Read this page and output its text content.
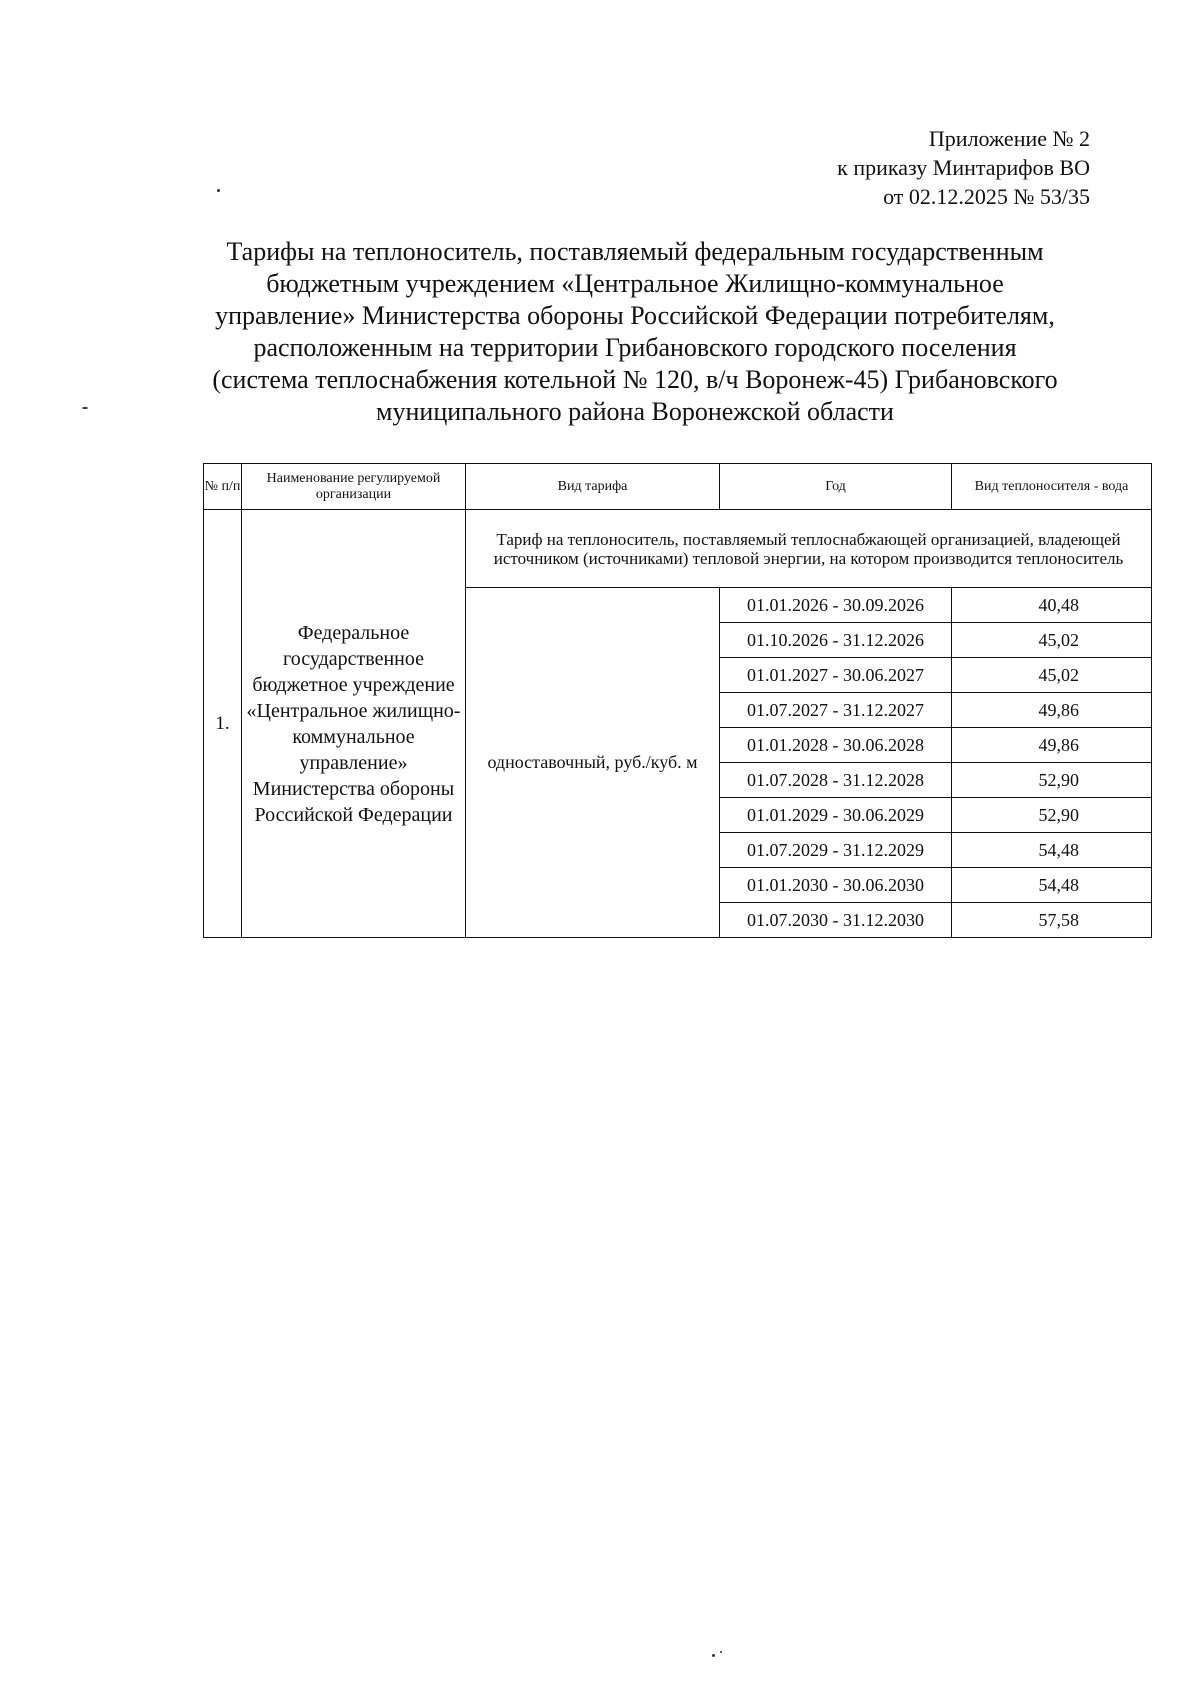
Приложение № 2
к приказу Минтарифов ВО
от 02.12.2025 № 53/35
Тарифы на теплоноситель, поставляемый федеральным государственным
бюджетным учреждением «Центральное Жилищно-коммунальное
управление» Министерства обороны Российской Федерации потребителям,
расположенным на территории Грибановского городского поселения
(система теплоснабжения котельной № 120, в/ч Воронеж-45) Грибановского
муниципального района Воронежской области
№ п/п	Наименование регулируемой организации	Вид тарифа	Год	Вид теплоносителя - вода
1.	Федеральное государственное бюджетное учреждение «Центральное жилищно-коммунальное управление» Министерства обороны Российской Федерации	Тариф на теплоноситель, поставляемый теплоснабжающей организацией, владеющей источником (источниками) тепловой энергии, на котором производится теплоноситель		
		одноставочный, руб./куб. м	01.01.2026 - 30.09.2026	40,48
			01.10.2026 - 31.12.2026	45,02
			01.01.2027 - 30.06.2027	45,02
			01.07.2027 - 31.12.2027	49,86
			01.01.2028 - 30.06.2028	49,86
			01.07.2028 - 31.12.2028	52,90
			01.01.2029 - 30.06.2029	52,90
			01.07.2029 - 31.12.2029	54,48
			01.01.2030 - 30.06.2030	54,48
			01.07.2030 - 31.12.2030	57,58
